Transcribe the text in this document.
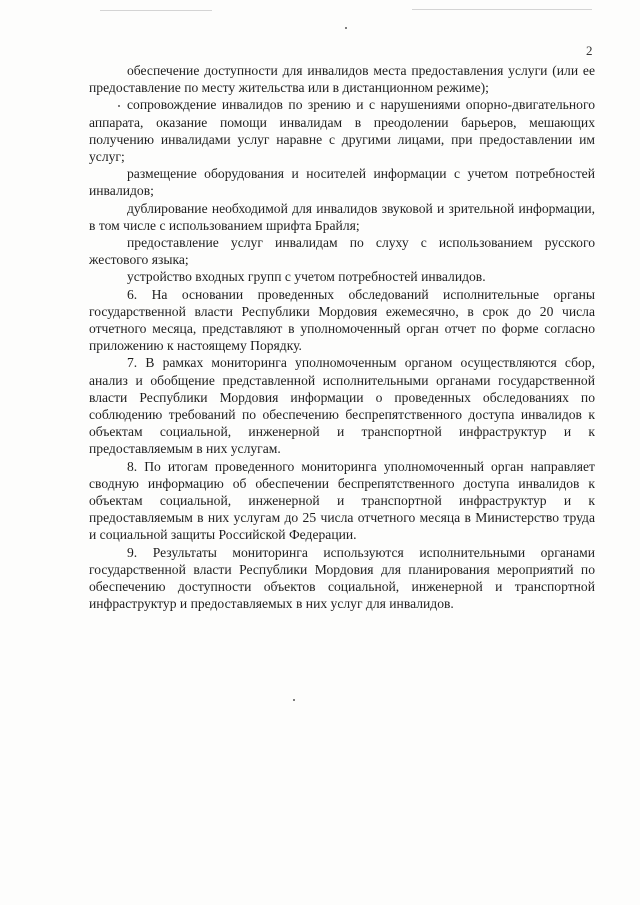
2

обеспечение доступности для инвалидов места предоставления услуги (или ее предоставление по месту жительства или в дистанционном режиме);

сопровождение инвалидов по зрению и с нарушениями опорно-двигательного аппарата, оказание помощи инвалидам в преодолении барьеров, мешающих получению инвалидами услуг наравне с другими лицами, при предоставлении им услуг;

размещение оборудования и носителей информации с учетом потребностей инвалидов;

дублирование необходимой для инвалидов звуковой и зрительной информации, в том числе с использованием шрифта Брайля;

предоставление услуг инвалидам по слуху с использованием русского жестового языка;

устройство входных групп с учетом потребностей инвалидов.

6. На основании проведенных обследований исполнительные органы государственной власти Республики Мордовия ежемесячно, в срок до 20 числа отчетного месяца, представляют в уполномоченный орган отчет по форме согласно приложению к настоящему Порядку.

7. В рамках мониторинга уполномоченным органом осуществляются сбор, анализ и обобщение представленной исполнительными органами государственной власти Республики Мордовия информации о проведенных обследованиях по соблюдению требований по обеспечению беспрепятственного доступа инвалидов к объектам социальной, инженерной и транспортной инфраструктур и к предоставляемым в них услугам.

8. По итогам проведенного мониторинга уполномоченный орган направляет сводную информацию об обеспечении беспрепятственного доступа инвалидов к объектам социальной, инженерной и транспортной инфраструктур и к предоставляемым в них услугам до 25 числа отчетного месяца в Министерство труда и социальной защиты Российской Федерации.

9. Результаты мониторинга используются исполнительными органами государственной власти Республики Мордовия для планирования мероприятий по обеспечению доступности объектов социальной, инженерной и транспортной инфраструктур и предоставляемых в них услуг для инвалидов.
